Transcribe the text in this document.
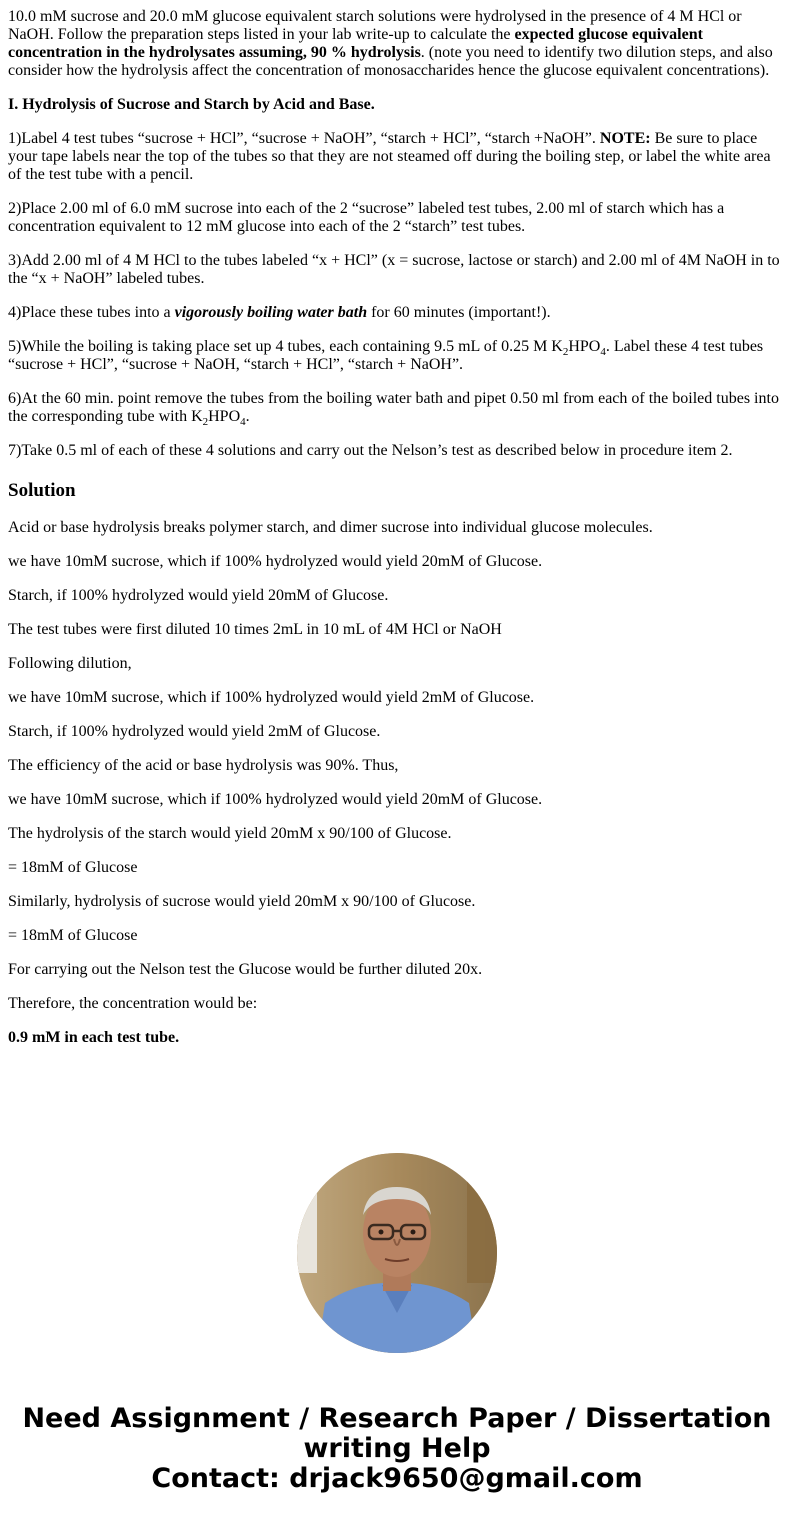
10.0 mM sucrose and 20.0 mM glucose equivalent starch solutions were hydrolysed in the presence of 4 M HCl or NaOH. Follow the preparation steps listed in your lab write-up to calculate the expected glucose equivalent concentration in the hydrolysates assuming, 90 % hydrolysis. (note you need to identify two dilution steps, and also consider how the hydrolysis affect the concentration of monosaccharides hence the glucose equivalent concentrations).

I. Hydrolysis of Sucrose and Starch by Acid and Base.

1)Label 4 test tubes “sucrose + HCl”, “sucrose + NaOH”, “starch + HCl”, “starch +NaOH”. NOTE: Be sure to place your tape labels near the top of the tubes so that they are not steamed off during the boiling step, or label the white area of the test tube with a pencil.

2)Place 2.00 ml of 6.0 mM sucrose into each of the 2 “sucrose” labeled test tubes, 2.00 ml of starch which has a concentration equivalent to 12 mM glucose into each of the 2 “starch” test tubes.

3)Add 2.00 ml of 4 M HCl to the tubes labeled “x + HCl” (x = sucrose, lactose or starch) and 2.00 ml of 4M NaOH in to the “x + NaOH” labeled tubes.

4)Place these tubes into a vigorously boiling water bath for 60 minutes (important!).

5)While the boiling is taking place set up 4 tubes, each containing 9.5 mL of 0.25 M $K_2HPO_4$. Label these 4 test tubes “sucrose + HCl”, “sucrose + NaOH, “starch + HCl”, “starch + NaOH”.

6)At the 60 min. point remove the tubes from the boiling water bath and pipet 0.50 ml from each of the boiled tubes into the corresponding tube with $K_2HPO_4$.

7)Take 0.5 ml of each of these 4 solutions and carry out the Nelson’s test as described below in procedure item 2.

Solution

Acid or base hydrolysis breaks polymer starch, and dimer sucrose into individual glucose molecules.

we have 10mM sucrose, which if 100% hydrolyzed would yield 20mM of Glucose.

Starch, if 100% hydrolyzed would yield 20mM of Glucose.

The test tubes were first diluted 10 times 2mL in 10 mL of 4M HCl or NaOH

Following dilution,

we have 10mM sucrose, which if 100% hydrolyzed would yield 2mM of Glucose.

Starch, if 100% hydrolyzed would yield 2mM of Glucose.

The efficiency of the acid or base hydrolysis was 90%. Thus,

we have 10mM sucrose, which if 100% hydrolyzed would yield 20mM of Glucose.

The hydrolysis of the starch would yield 20mM x 90/100 of Glucose.

= 18mM of Glucose

Similarly, hydrolysis of sucrose would yield 20mM x 90/100 of Glucose.

= 18mM of Glucose

For carrying out the Nelson test the Glucose would be further diluted 20x.

Therefore, the concentration would be:

0.9 mM in each test tube.

Need Assignment / Research Paper / Dissertation
writing Help
Contact: drjack9650@gmail.com
